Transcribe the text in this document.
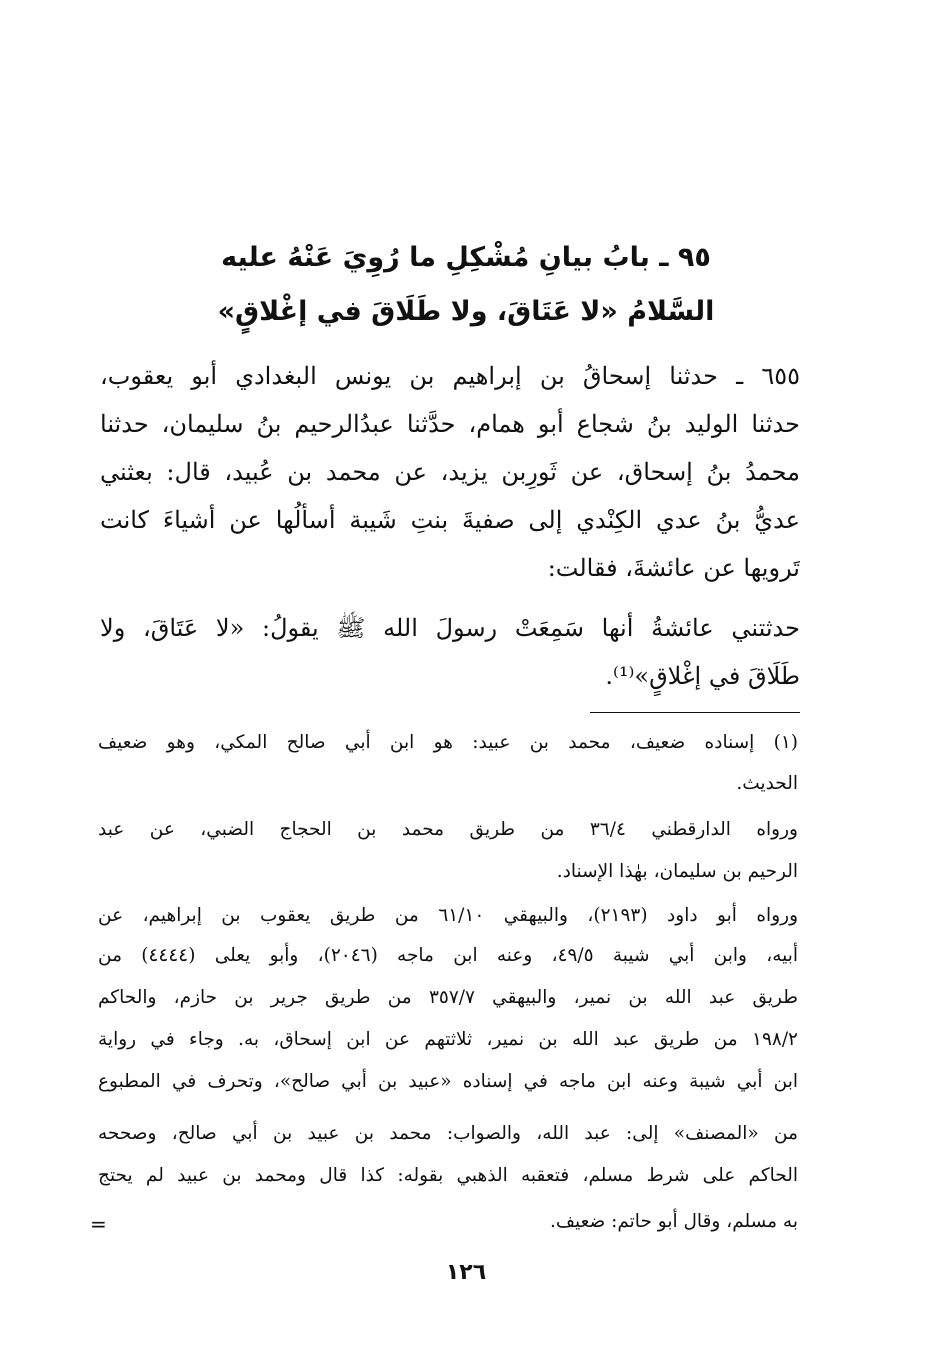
٩٥ ـ بابُ بيانِ مُشْكِلِ ما رُوِيَ عَنْهُ عليه
السَّلامُ «لا عَتَاقَ، ولا طَلَاقَ في إغْلاقٍ»
٦٥٥ ـ حدثنا إسحاقُ بن إبراهيم بن يونس البغدادي أبو يعقوب،
حدثنا الوليد بنُ شجاع أبو همام، حدَّثنا عبدُالرحيم بنُ سليمان، حدثنا
محمدُ بنُ إسحاق، عن ثَورِبن يزيد، عن محمد بن عُبيد، قال: بعثني
عديُّ بنُ عدي الكِنْدي إلى صفيةَ بنتِ شَيبة أسألُها عن أشياءَ كانت
تَرويها عن عائشةَ، فقالت:
حدثتني عائشةُ أنها سَمِعَتْ رسولَ الله ﷺ يقولُ: «لا عَتَاقَ، ولا
طَلَاقَ في إغْلاقٍ»⁽¹⁾.
(١) إسناده ضعيف، محمد بن عبيد: هو ابن أبي صالح المكي، وهو ضعيف
الحديث.
ورواه الدارقطني ٣٦/٤ من طريق محمد بن الحجاج الضبي، عن عبد
الرحيم بن سليمان، بهٰذا الإسناد.
ورواه أبو داود (٢١٩٣)، والبيهقي ٦١/١٠ من طريق يعقوب بن إبراهيم، عن
أبيه، وابن أبي شيبة ٤٩/٥، وعنه ابن ماجه (٢٠٤٦)، وأبو يعلى (٤٤٤٤) من
طريق عبد الله بن نمير، والبيهقي ٣٥٧/٧ من طريق جرير بن حازم، والحاكم
١٩٨/٢ من طريق عبد الله بن نمير، ثلاثتهم عن ابن إسحاق، به. وجاء في رواية
ابن أبي شيبة وعنه ابن ماجه في إسناده «عبيد بن أبي صالح»، وتحرف في المطبوع
من «المصنف» إلى: عبد الله، والصواب: محمد بن عبيد بن أبي صالح، وصححه
الحاكم على شرط مسلم، فتعقبه الذهبي بقوله: كذا قال ومحمد بن عبيد لم يحتج
به مسلم، وقال أبو حاتم: ضعيف.
=
١٢٦
